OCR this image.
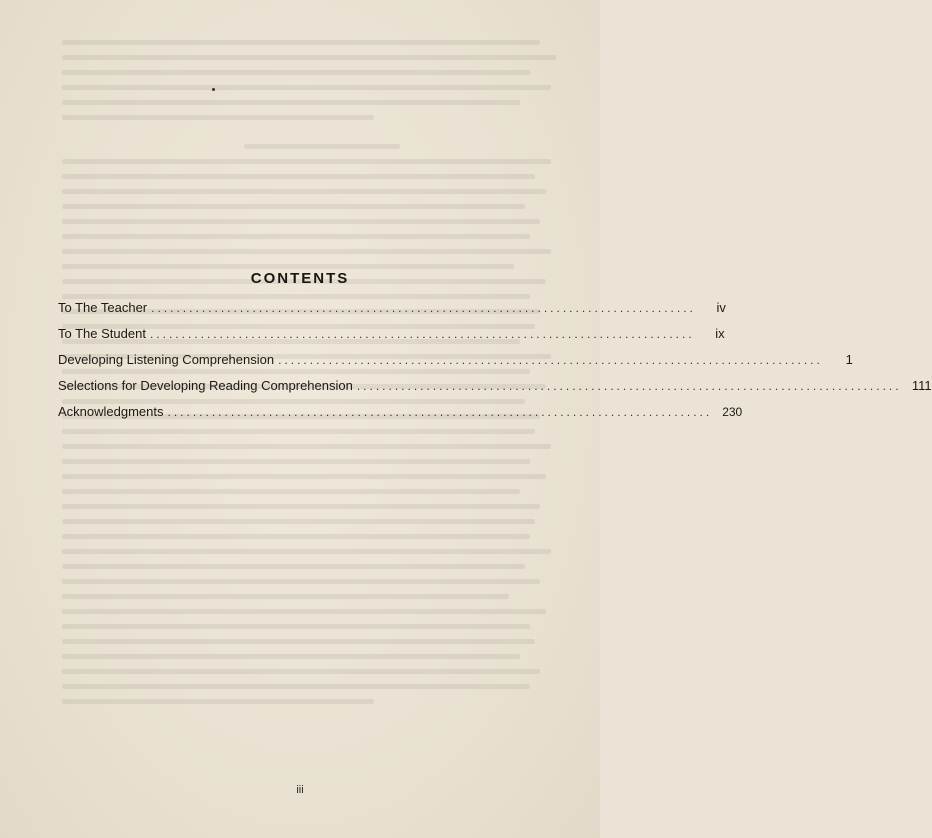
CONTENTS
To The Teacher ......................................................................................	iv
To The Student ......................................................................................	ix
Developing Listening Comprehension ......................................................................................	1
Selections for Developing Reading Comprehension ...................................................................................... 111
Acknowledgments ...................................................................................... 230
iii
